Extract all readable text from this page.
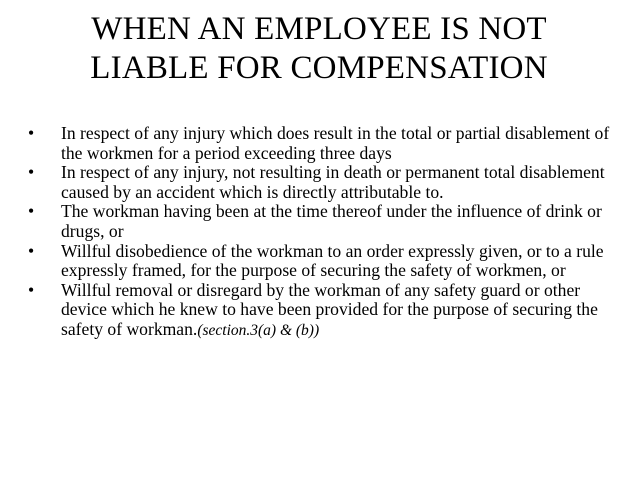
WHEN AN EMPLOYEE IS NOT
LIABLE FOR COMPENSATION
•	In respect of any injury which does result in the total or partial disablement of the workmen for a period exceeding three days
•	In respect of any injury, not resulting in death or permanent total disablement caused by an accident which is directly attributable to.
•	The workman having been at the time thereof under the influence of drink or drugs, or
•	Willful disobedience of the workman to an order expressly given, or to a rule expressly framed, for the purpose of securing the safety of workmen, or
•	Willful removal or disregard by the workman of any safety guard or other device which he knew to have been provided for the purpose of securing the safety of workman.(section.3(a) & (b))
